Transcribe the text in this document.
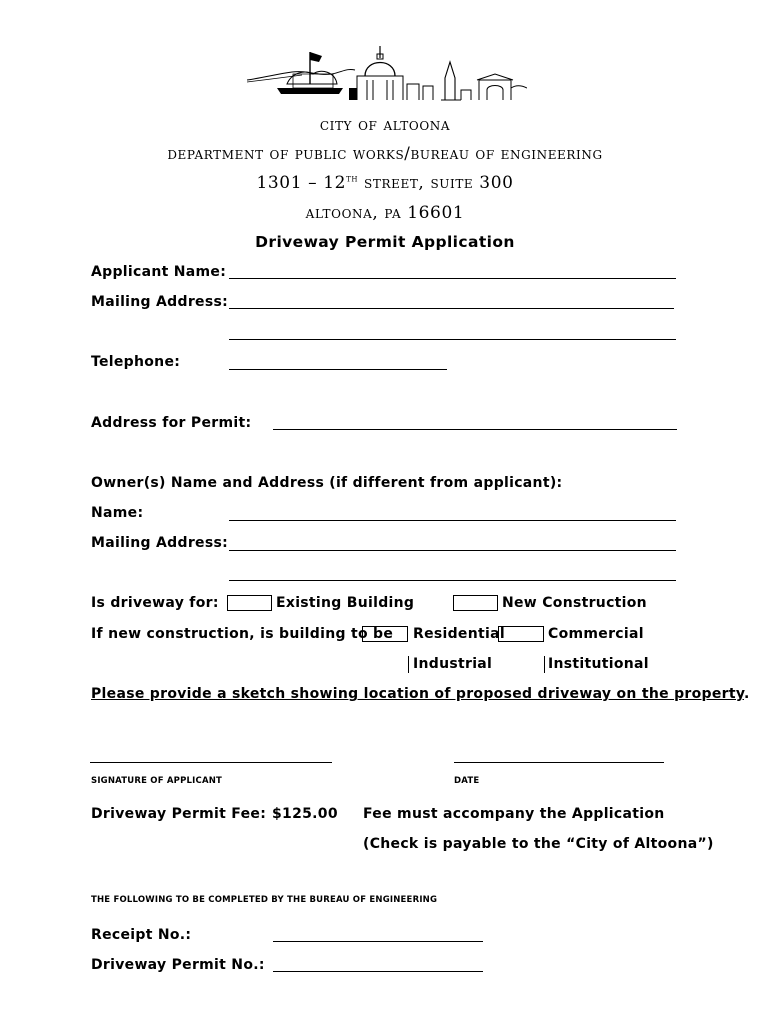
city of altoona
department of public works/bureau of engineering
1301 – 12th street, suite 300
altoona, pa 16601
Driveway Permit Application
Applicant Name:
Mailing Address:
Telephone:
Address for Permit:
Owner(s) Name and Address (if different from applicant):
Name:
Mailing Address:
Is driveway for:	Existing Building	New Construction
If new construction, is building to be Residential	Commercial
Industrial	Institutional
Please provide a sketch showing location of proposed driveway on the property.
SIGNATURE OF APPLICANT	DATE
Driveway Permit Fee: $125.00 Fee must accompany the Application
(Check is payable to the “City of Altoona”)
THE FOLLOWING TO BE COMPLETED BY THE BUREAU OF ENGINEERING
Receipt No.:
Driveway Permit No.:
